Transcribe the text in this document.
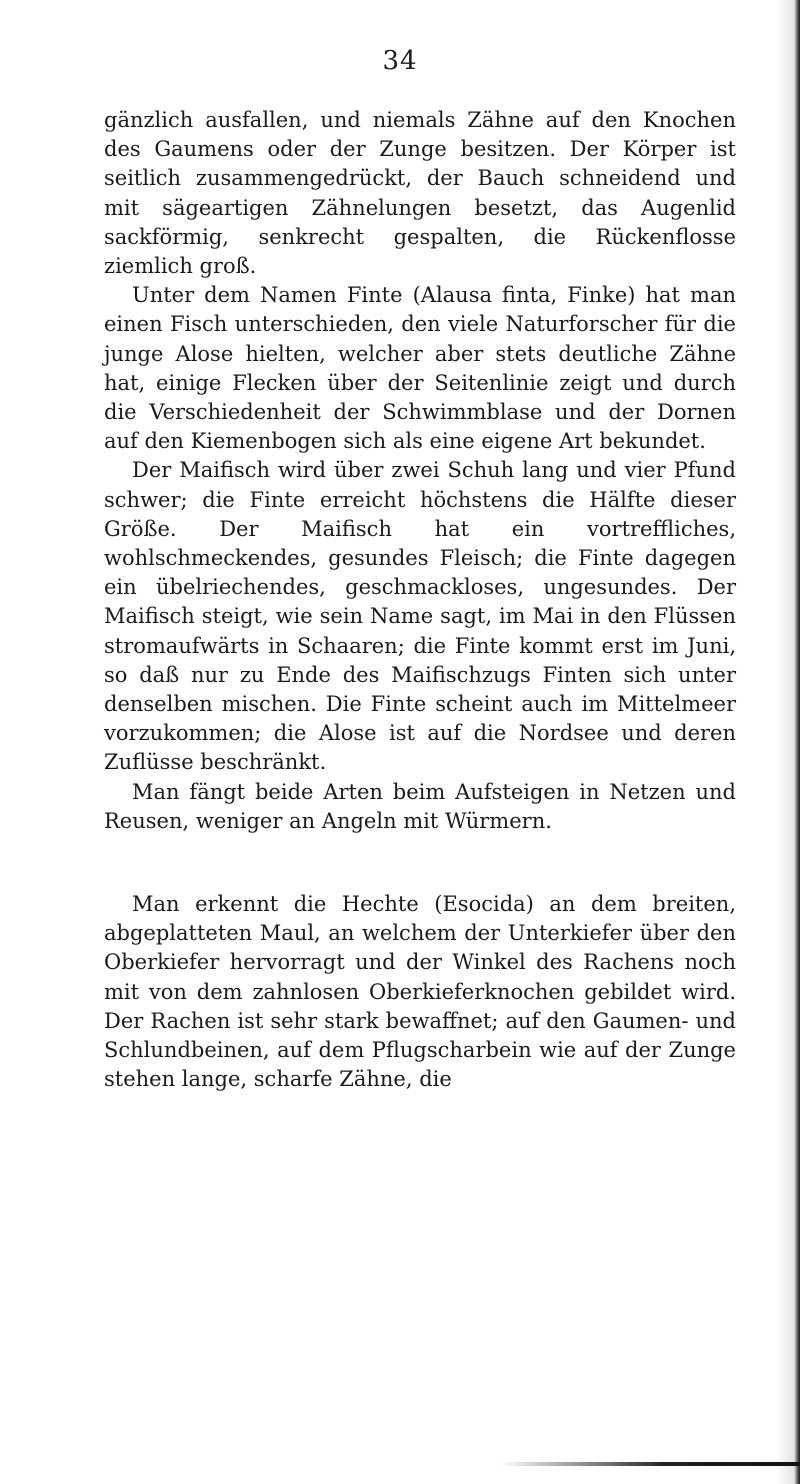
34

gänzlich ausfallen, und niemals Zähne auf den Knochen des Gaumens oder der Zunge besitzen. Der Körper ist seitlich zusammengedrückt, der Bauch schneidend und mit sägeartigen Zähnelungen besetzt, das Augenlid sackförmig, senkrecht gespalten, die Rückenflosse ziemlich groß.

Unter dem Namen Finte (Alausa finta, Finke) hat man einen Fisch unterschieden, den viele Naturforscher für die junge Alose hielten, welcher aber stets deutliche Zähne hat, einige Flecken über der Seitenlinie zeigt und durch die Verschiedenheit der Schwimmblase und der Dornen auf den Kiemenbogen sich als eine eigene Art bekundet.

Der Maifisch wird über zwei Schuh lang und vier Pfund schwer; die Finte erreicht höchstens die Hälfte dieser Größe. Der Maifisch hat ein vortreffliches, wohlschmeckendes, gesundes Fleisch; die Finte dagegen ein übelriechendes, geschmackloses, ungesundes. Der Maifisch steigt, wie sein Name sagt, im Mai in den Flüssen stromaufwärts in Schaaren; die Finte kommt erst im Juni, so daß nur zu Ende des Maifischzugs Finten sich unter denselben mischen. Die Finte scheint auch im Mittelmeer vorzukommen; die Alose ist auf die Nordsee und deren Zuflüsse beschränkt.

Man fängt beide Arten beim Aufsteigen in Netzen und Reusen, weniger an Angeln mit Würmern.

Man erkennt die Hechte (Esocida) an dem breiten, abgeplatteten Maul, an welchem der Unterkiefer über den Oberkiefer hervorragt und der Winkel des Rachens noch mit von dem zahnlosen Oberkieferknochen gebildet wird. Der Rachen ist sehr stark bewaffnet; auf den Gaumen- und Schlundbeinen, auf dem Pflugscharbein wie auf der Zunge stehen lange, scharfe Zähne, die
